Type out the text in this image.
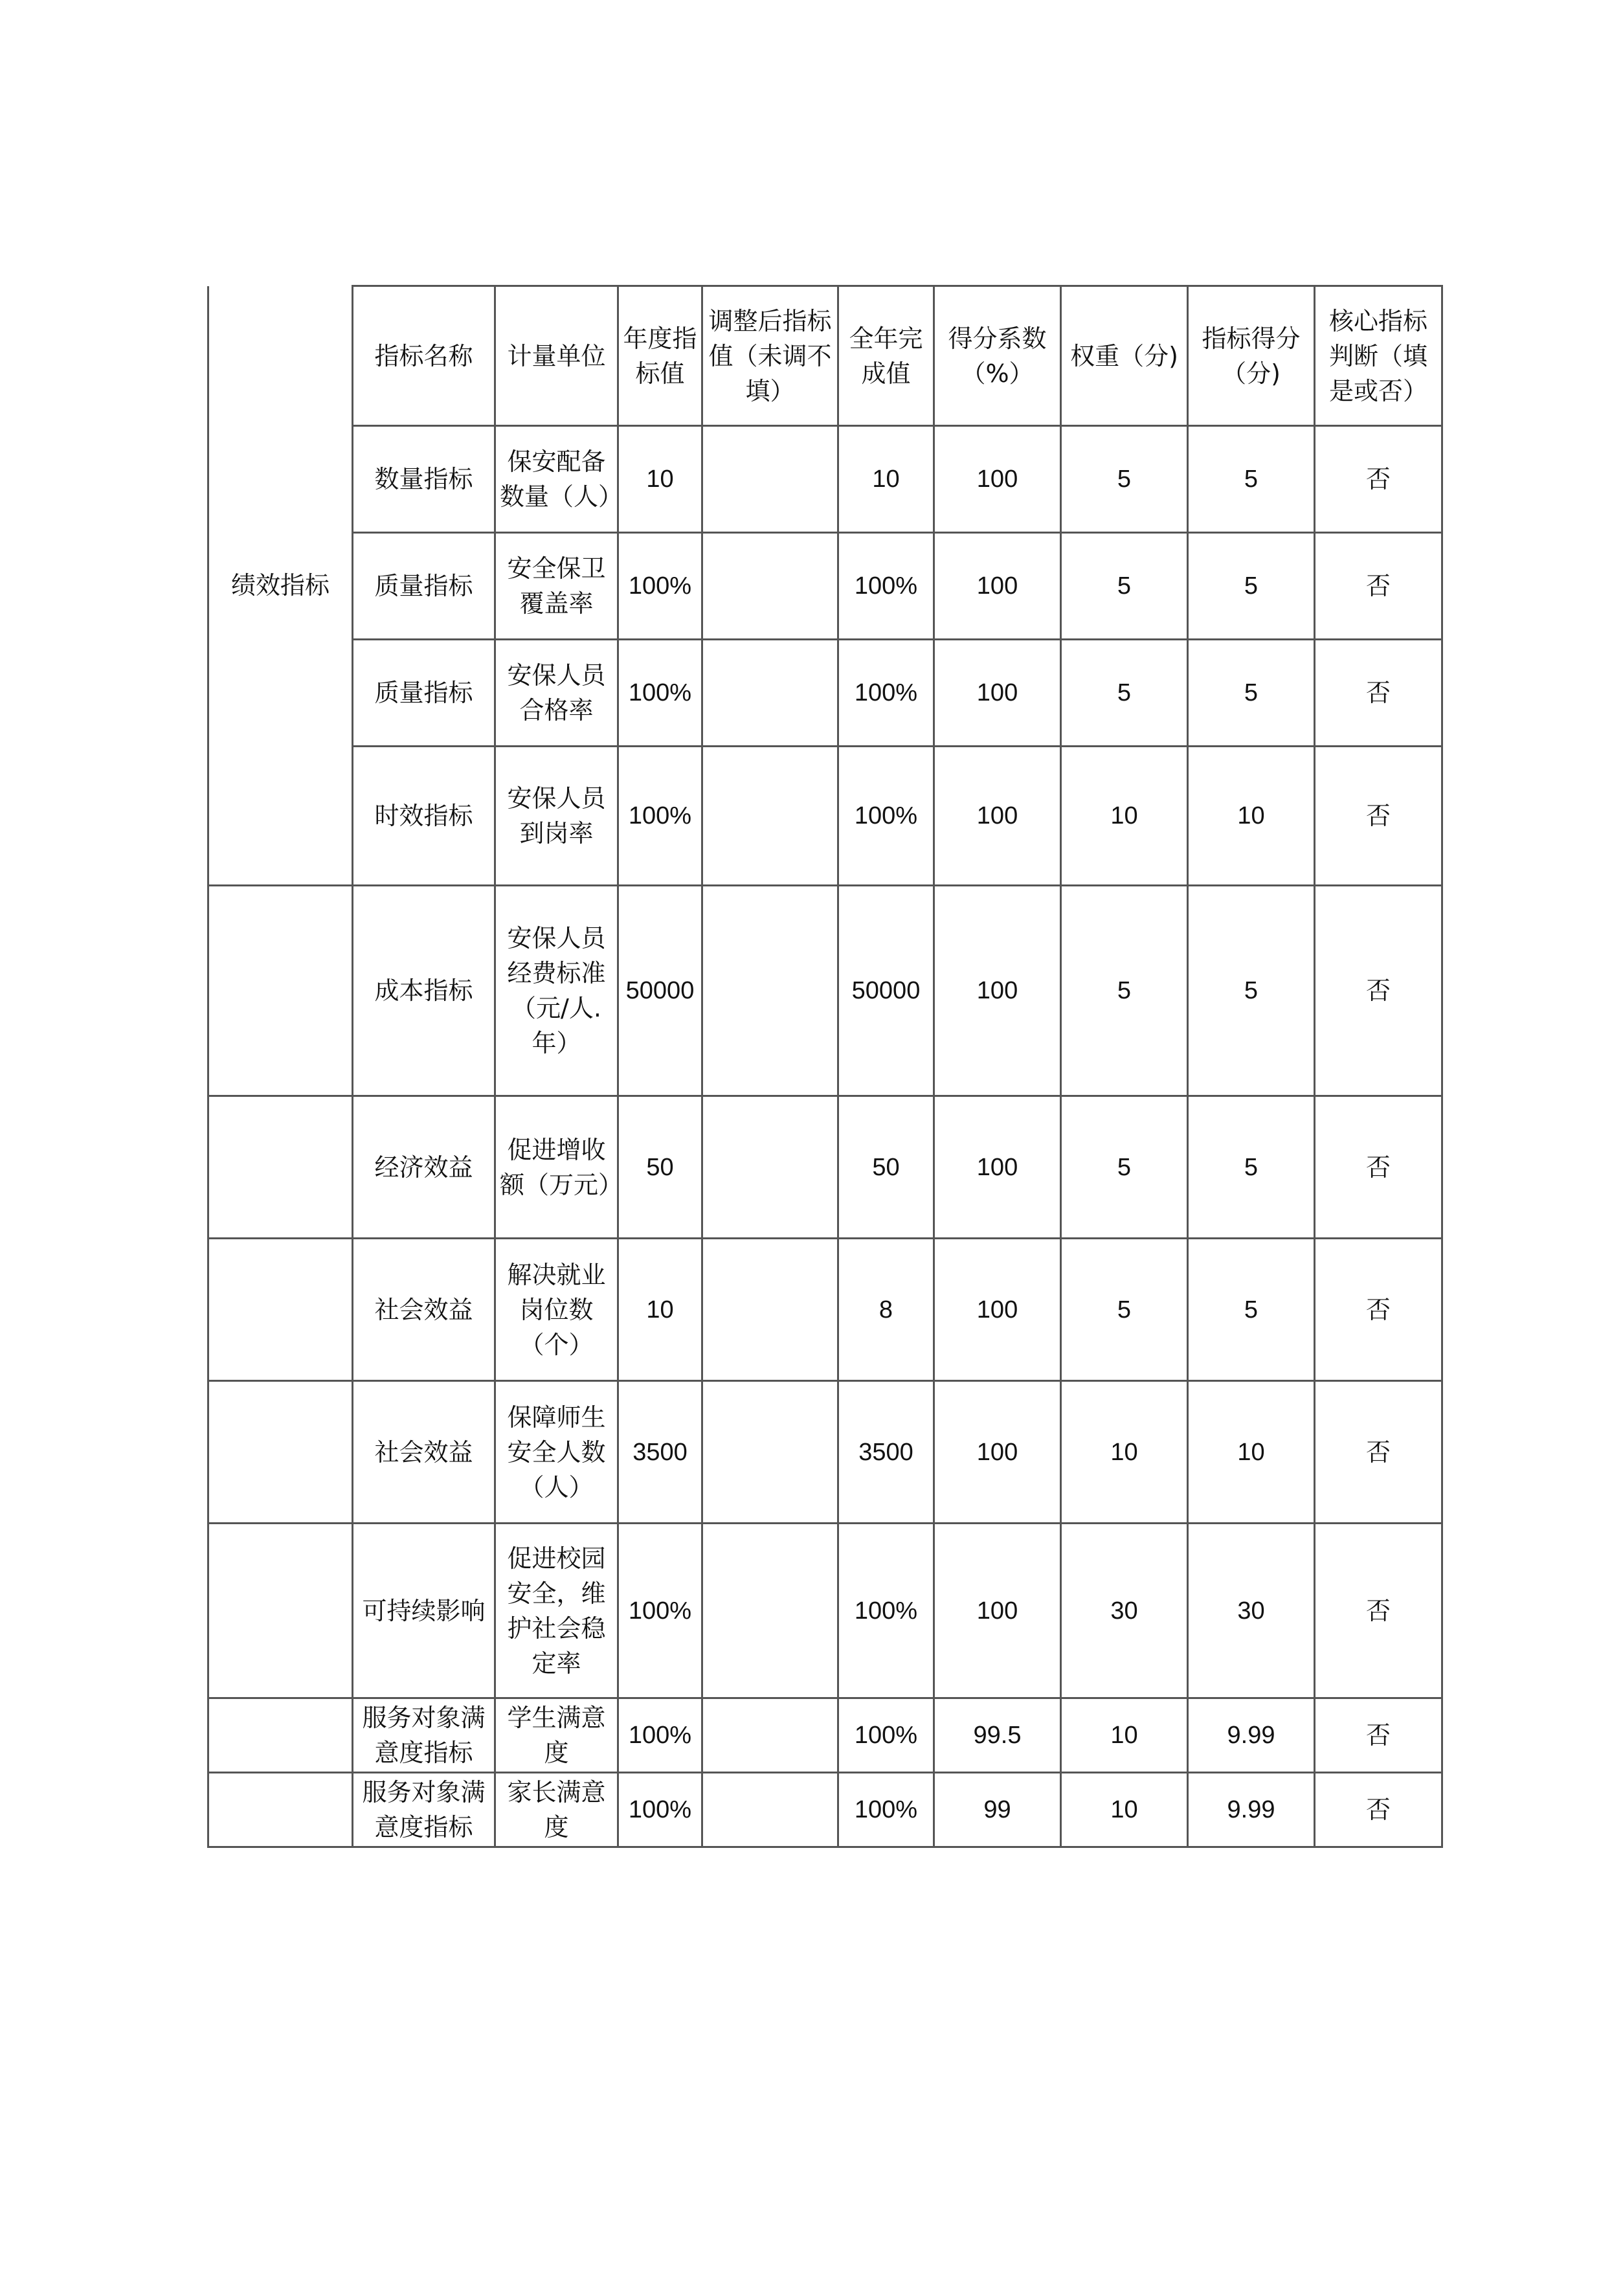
绩效指标	指标名称	计量单位	年度指标值	调整后指标值（未调不填）	全年完成值	得分系数（%）	权重（分)	指标得分（分)	核心指标判断（填是或否）
	数量指标	保安配备数量（人）	10		10	100	5	5	否
	质量指标	安全保卫覆盖率	100%		100%	100	5	5	否
	质量指标	安保人员合格率	100%		100%	100	5	5	否
	时效指标	安保人员到岗率	100%		100%	100	10	10	否
	成本指标	安保人员经费标准（元/人.年）	50000		50000	100	5	5	否
	经济效益	促进增收额（万元）	50		50	100	5	5	否
	社会效益	解决就业岗位数（个）	10		8	100	5	5	否
	社会效益	保障师生安全人数（人）	3500		3500	100	10	10	否
	可持续影响	促进校园安全，维护社会稳定率	100%		100%	100	30	30	否
	服务对象满意度指标	学生满意度	100%		100%	99.5	10	9.99	否
	服务对象满意度指标	家长满意度	100%		100%	99	10	9.99	否
